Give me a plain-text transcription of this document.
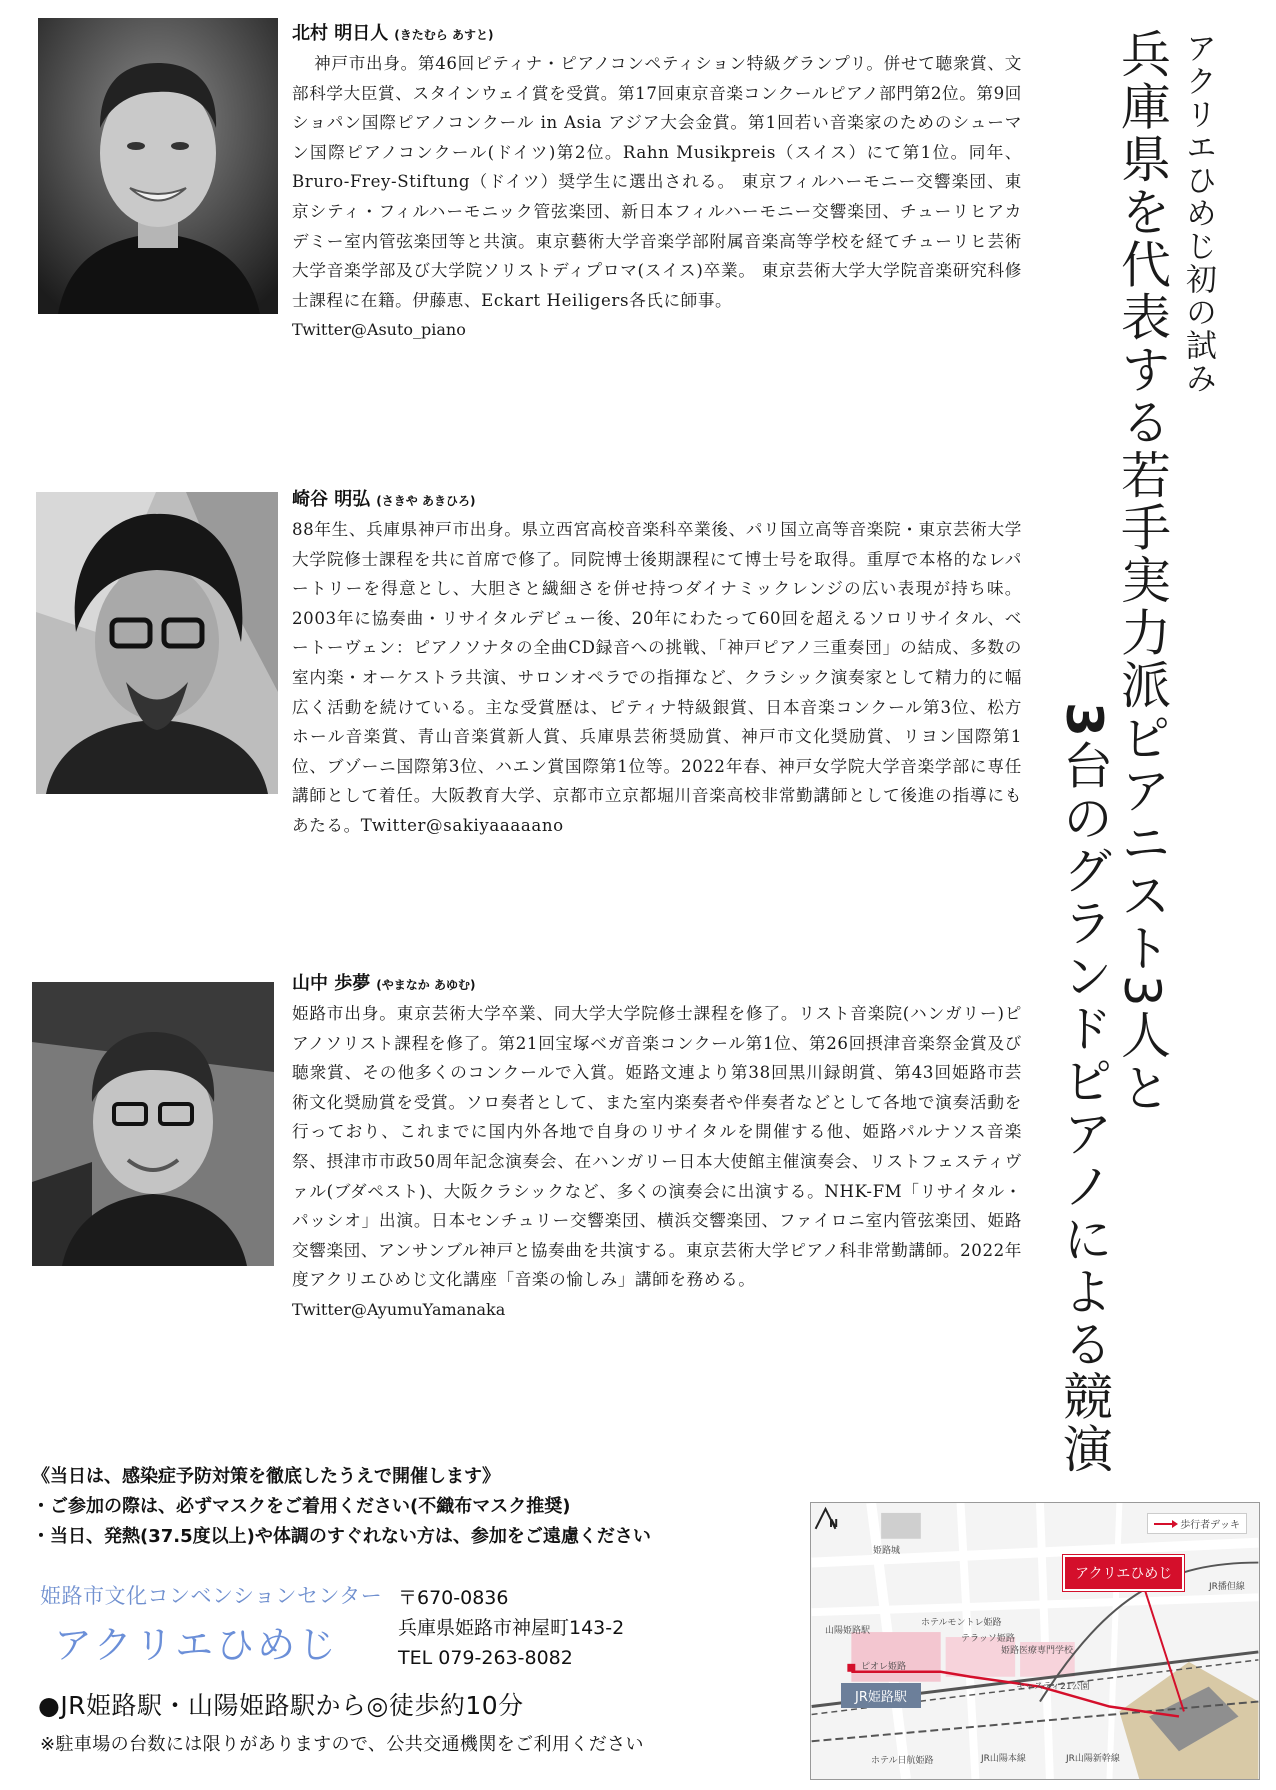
北村 明日人 (きたむら あすと)
神戸市出身。第46回ピティナ・ピアノコンペティション特級グランプリ。併せて聴衆賞、文部科学大臣賞、スタインウェイ賞を受賞。第17回東京音楽コンクールピアノ部門第2位。第9回ショパン国際ピアノコンクール in Asia アジア大会金賞。第1回若い音楽家のためのシューマン国際ピアノコンクール(ドイツ)第2位。Rahn Musikpreis（スイス）にて第1位。同年、Bruro-Frey-Stiftung（ドイツ）奨学生に選出される。 東京フィルハーモニー交響楽団、東京シティ・フィルハーモニック管弦楽団、新日本フィルハーモニー交響楽団、チューリヒアカデミー室内管弦楽団等と共演。東京藝術大学音楽学部附属音楽高等学校を経てチューリヒ芸術大学音楽学部及び大学院ソリストディプロマ(スイス)卒業。 東京芸術大学大学院音楽研究科修士課程に在籍。伊藤恵、Eckart Heiligers各氏に師事。
Twitter@Asuto_piano
崎谷 明弘 (さきや あきひろ)
88年生、兵庫県神戸市出身。県立西宮高校音楽科卒業後、パリ国立高等音楽院・東京芸術大学大学院修士課程を共に首席で修了。同院博士後期課程にて博士号を取得。重厚で本格的なレパートリーを得意とし、大胆さと繊細さを併せ持つダイナミックレンジの広い表現が持ち味。2003年に協奏曲・リサイタルデビュー後、20年にわたって60回を超えるソロリサイタル、ベートーヴェン：ピアノソナタの全曲CD録音への挑戦、「神戸ピアノ三重奏団」の結成、多数の室内楽・オーケストラ共演、サロンオペラでの指揮など、クラシック演奏家として精力的に幅広く活動を続けている。主な受賞歴は、ピティナ特級銀賞、日本音楽コンクール第3位、松方ホール音楽賞、青山音楽賞新人賞、兵庫県芸術奨励賞、神戸市文化奨励賞、リヨン国際第1位、ブゾーニ国際第3位、ハエン賞国際第1位等。2022年春、神戸女学院大学音楽学部に専任講師として着任。大阪教育大学、京都市立京都堀川音楽高校非常勤講師として後進の指導にもあたる。Twitter@sakiyaaaaano
山中 歩夢 (やまなか あゆむ)
姫路市出身。東京芸術大学卒業、同大学大学院修士課程を修了。リスト音楽院(ハンガリー)ピアノソリスト課程を修了。第21回宝塚ベガ音楽コンクール第1位、第26回摂津音楽祭金賞及び聴衆賞、その他多くのコンクールで入賞。姫路文連より第38回黒川録朗賞、第43回姫路市芸術文化奨励賞を受賞。ソロ奏者として、また室内楽奏者や伴奏者などとして各地で演奏活動を行っており、これまでに国内外各地で自身のリサイタルを開催する他、姫路パルナソス音楽祭、摂津市市政50周年記念演奏会、在ハンガリー日本大使館主催演奏会、リストフェスティヴァル(ブダペスト)、大阪クラシックなど、多くの演奏会に出演する。NHK-FM「リサイタル・パッシオ」出演。日本センチュリー交響楽団、横浜交響楽団、ファイロニ室内管弦楽団、姫路交響楽団、アンサンブル神戸と協奏曲を共演する。東京芸術大学ピアノ科非常勤講師。2022年度アクリエひめじ文化講座「音楽の愉しみ」講師を務める。
Twitter@AyumuYamanaka
アクリエひめじ初の試み
兵庫県を代表する若手実力派ピアニスト3人と
3台のグランドピアノによる競演
《当日は、感染症予防対策を徹底したうえで開催します》
・ご参加の際は、必ずマスクをご着用ください(不織布マスク推奨)
・当日、発熱(37.5度以上)や体調のすぐれない方は、参加をご遠慮ください
姫路市文化コンベンションセンター
アクリエひめじ
〒670-0836
兵庫県姫路市神屋町143-2
TEL 079-263-8082
●JR姫路駅・山陽姫路駅から◎徒歩約10分
※駐車場の台数には限りがありますので、公共交通機関をご利用ください
N	歩行者デッキ
アクリエひめじ
JR姫路駅
姫路城
山陽姫路駅
ピオレ姫路
ホテルモントレ姫路
テラッソ姫路
姫路医療専門学校
キャスティ21公園
JR播但線
JR山陽本線	JR山陽新幹線
ホテル日航姫路
